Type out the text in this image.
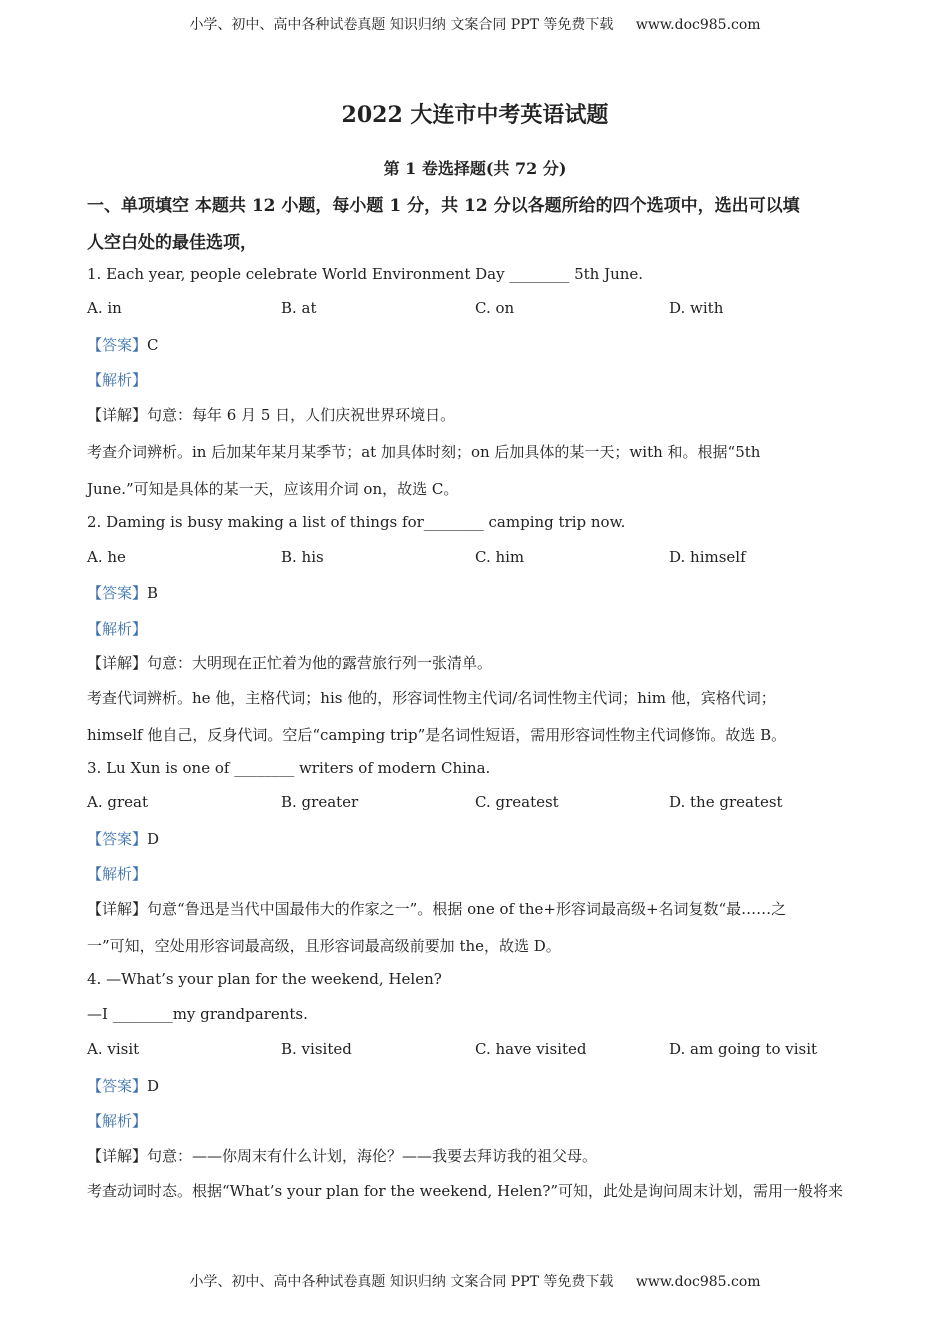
小学、初中、高中各种试卷真题 知识归纳 文案合同 PPT 等免费下载 www.doc985.com
2022 大连市中考英语试题
第 1 卷选择题(共 72 分)
一、单项填空 本题共 12 小题，每小题 1 分，共 12 分以各题所给的四个选项中，选出可以填
人空白处的最佳选项，
1. Each year, people celebrate World Environment Day ________ 5th June.
A. in	B. at	C. on	D. with
【答案】C
【解析】
【详解】句意：每年 6 月 5 日，人们庆祝世界环境日。
考查介词辨析。in 后加某年某月某季节；at 加具体时刻；on 后加具体的某一天；with 和。根据“5th
June.”可知是具体的某一天，应该用介词 on，故选 C。
2. Daming is busy making a list of things for________ camping trip now.
A. he	B. his	C. him	D. himself
【答案】B
【解析】
【详解】句意：大明现在正忙着为他的露营旅行列一张清单。
考查代词辨析。he 他，主格代词；his 他的，形容词性物主代词/名词性物主代词；him 他，宾格代词；
himself 他自己，反身代词。空后“camping trip”是名词性短语，需用形容词性物主代词修饰。故选 B。
3. Lu Xun is one of ________ writers of modern China.
A. great	B. greater	C. greatest	D. the greatest
【答案】D
【解析】
【详解】句意“鲁迅是当代中国最伟大的作家之一”。根据 one of the+形容词最高级+名词复数“最……之
一”可知，空处用形容词最高级，且形容词最高级前要加 the，故选 D。
4. —What’s your plan for the weekend, Helen?
—I ________my grandparents.
A. visit	B. visited	C. have visited	D. am going to visit
【答案】D
【解析】
【详解】句意：——你周末有什么计划，海伦？——我要去拜访我的祖父母。
考查动词时态。根据“What’s your plan for the weekend, Helen?”可知，此处是询问周末计划，需用一般将来
小学、初中、高中各种试卷真题 知识归纳 文案合同 PPT 等免费下载 www.doc985.com
